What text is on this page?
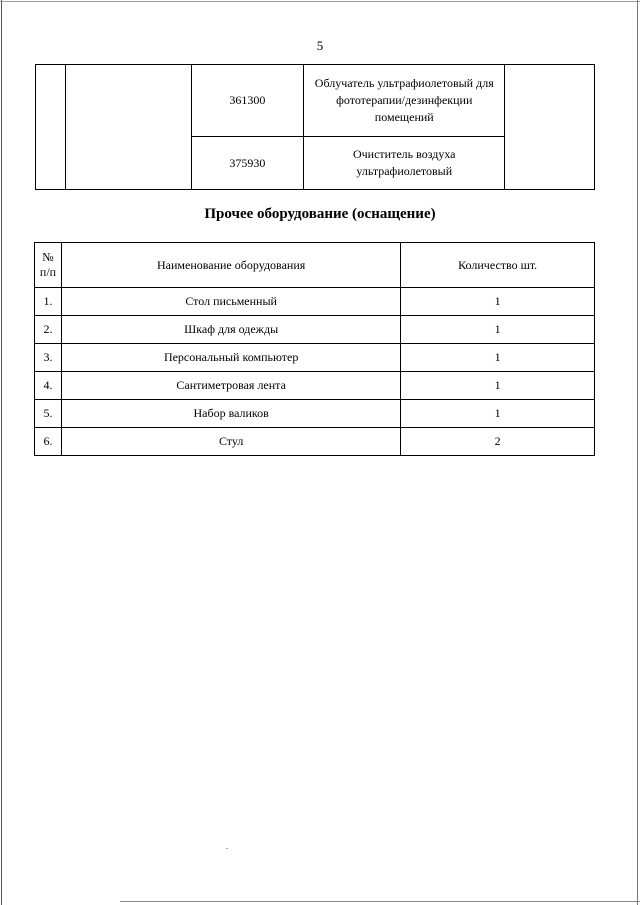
5
		361300	Облучатель ультрафиолетовый для фототерапии/дезинфекции помещений	
		375930	Очиститель воздуха ультрафиолетовый	
Прочее оборудование (оснащение)
№ п/п	Наименование оборудования	Количество шт.
1.	Стол письменный	1
2.	Шкаф для одежды	1
3.	Персональный компьютер	1
4.	Сантиметровая лента	1
5.	Набор валиков	1
6.	Стул	2
